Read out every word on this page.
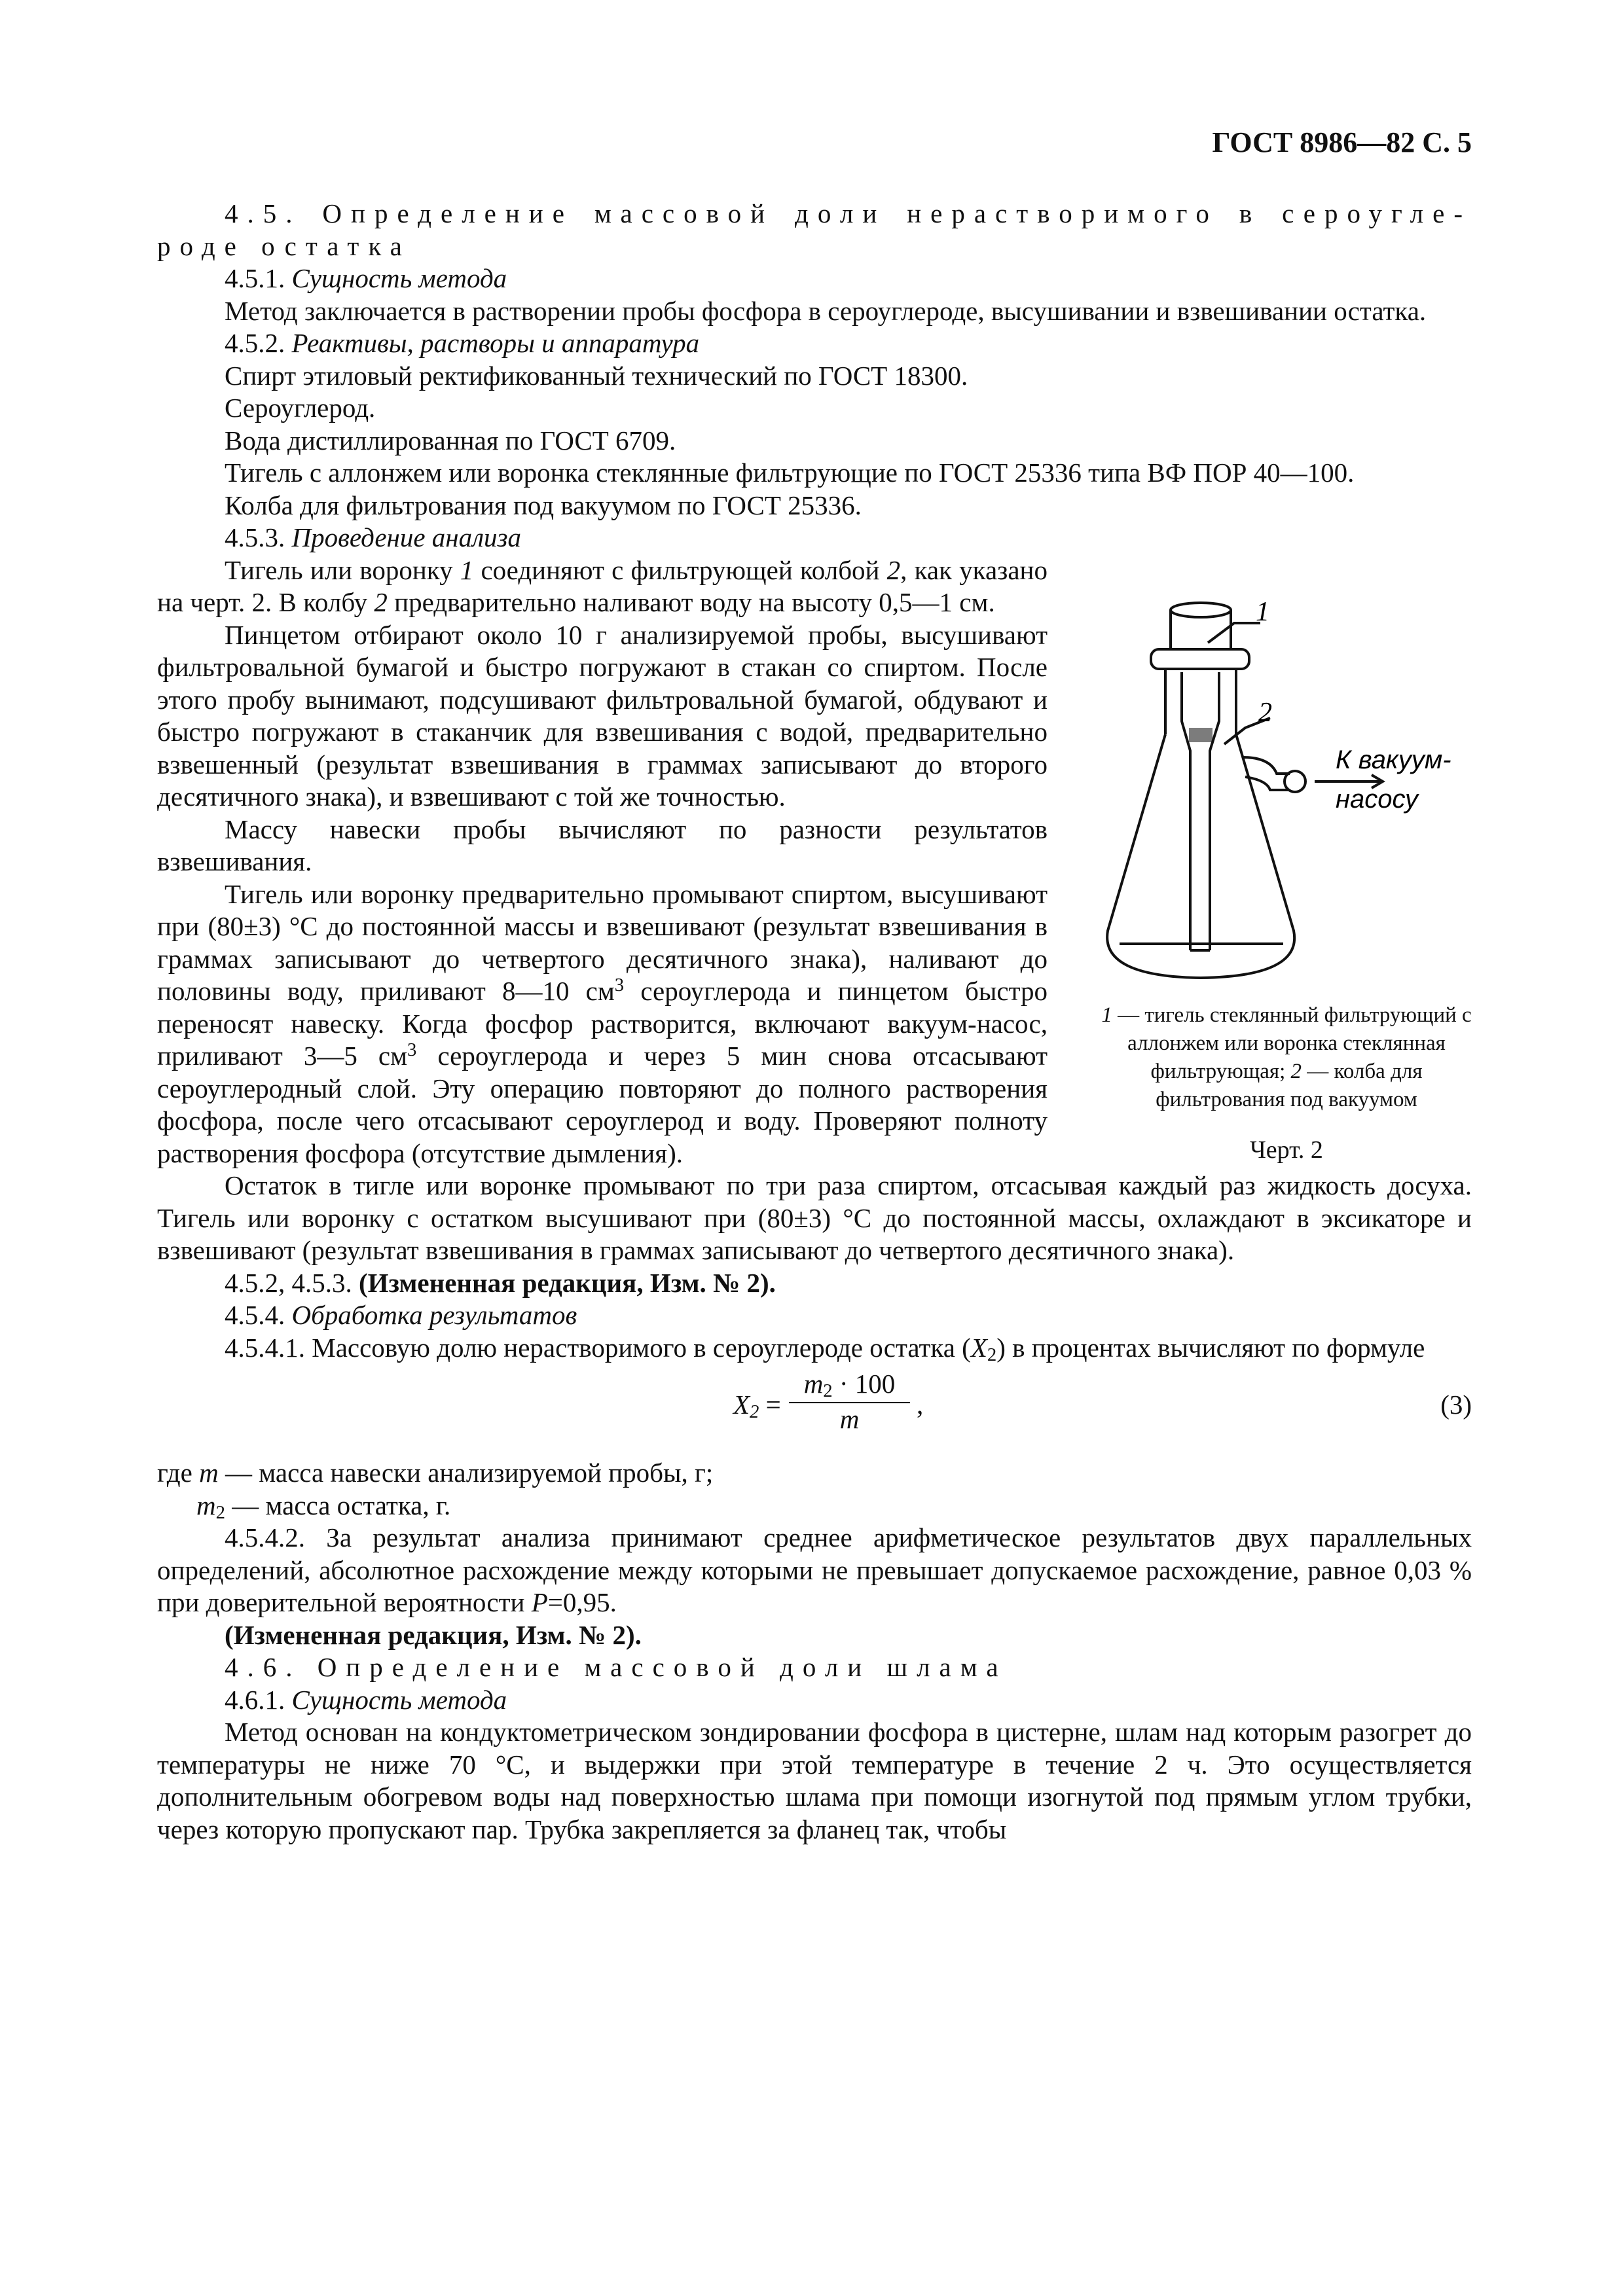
ГОСТ 8986—82 С. 5
1
2
К вакуум-
насосу
1 — тигель стеклянный фильтрующий с аллонжем или воронка стеклянная фильтрующая; 2 — колба для фильтрования под вакуумом
Черт. 2

4.5. Определение массовой доли нерастворимого в сероугле-роде остатка

4.5.1. Сущность метода

Метод заключается в растворении пробы фосфора в сероуглероде, высушивании и взвешивании остатка.

4.5.2. Реактивы, растворы и аппаратура

Спирт этиловый ректификованный технический по ГОСТ 18300.

Сероуглерод.

Вода дистиллированная по ГОСТ 6709.

Тигель с аллонжем или воронка стеклянные фильтрующие по ГОСТ 25336 типа ВФ ПОР 40—100.

Колба для фильтрования под вакуумом по ГОСТ 25336.

4.5.3. Проведение анализа

Тигель или воронку 1 соединяют с фильтрующей колбой 2, как указано на черт. 2. В колбу 2 предварительно наливают воду на высоту 0,5—1 см.

Пинцетом отбирают около 10 г анализируемой пробы, высушивают фильтровальной бумагой и быстро погружают в стакан со спиртом. После этого пробу вынимают, подсушивают фильтровальной бумагой, обдувают и быстро погружают в стаканчик для взвешивания с водой, предварительно взвешенный (результат взвешивания в граммах записывают до второго десятичного знака), и взвешивают с той же точностью.

Массу навески пробы вычисляют по разности результатов взвешивания.

Тигель или воронку предварительно промывают спиртом, высушивают при (80±3) °С до постоянной массы и взвешивают (результат взвешивания в граммах записывают до четвертого десятичного знака), наливают до половины воду, приливают 8—10 $см^3$ сероуглерода и пинцетом быстро переносят навеску. Когда фосфор растворится, включают вакуум-насос, приливают 3—5 $см^3$ сероуглерода и через 5 мин снова отсасывают сероуглеродный слой. Эту операцию повторяют до полного растворения фосфора, после чего отсасывают сероуглерод и воду. Проверяют полноту растворения фосфора (отсутствие дымления).

Остаток в тигле или воронке промывают по три раза спиртом, отсасывая каждый раз жидкость досуха. Тигель или воронку с остатком высушивают при (80±3) °С до постоянной массы, охлаждают в эксикаторе и взвешивают (результат взвешивания в граммах записывают до четвертого десятичного знака).

4.5.2, 4.5.3. (Измененная редакция, Изм. № 2).

4.5.4. Обработка результатов

4.5.4.1. Массовую долю нерастворимого в сероуглероде остатка $(X_2)$ в процентах вычисляют по формуле

$X_2 = \frac{m_2 \cdot 100}{m}$ ,	(3)

где m — масса навески анализируемой пробы, г;

$m_2$ — масса остатка, г.

4.5.4.2. За результат анализа принимают среднее арифметическое результатов двух параллельных определений, абсолютное расхождение между которыми не превышает допускаемое расхождение, равное 0,03 % при доверительной вероятности Р=0,95.

(Измененная редакция, Изм. № 2).

4.6. Определение массовой доли шлама

4.6.1. Сущность метода

Метод основан на кондуктометрическом зондировании фосфора в цистерне, шлам над которым разогрет до температуры не ниже 70 °С, и выдержки при этой температуре в течение 2 ч. Это осуществляется дополнительным обогревом воды над поверхностью шлама при помощи изогнутой под прямым углом трубки, через которую пропускают пар. Трубка закрепляется за фланец так, чтобы
